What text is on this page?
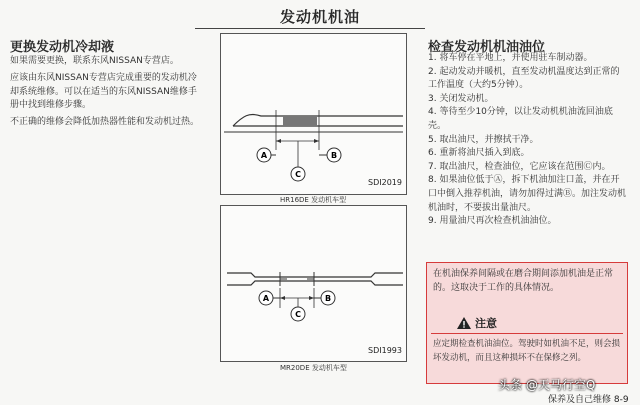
发动机机油
更换发动机冷却液
如果需要更换，联系东风NISSAN专营店。
应该由东风NISSAN专营店完成重要的发动机冷却系统维修。可以在适当的东风NISSAN维修手册中找到维修步骤。
不正确的维修会降低加热器性能和发动机过热。
A	B
C
SDI2019
HR16DE 发动机车型
A	B
C
SDI1993
MR20DE 发动机车型
检查发动机机油油位
1. 将车停在平地上，并使用驻车制动器。
2. 起动发动并暖机，直至发动机温度达到正常的工作温度（大约5分钟）。
3. 关闭发动机。
4. 等待至少10分钟，以让发动机机油流回油底壳。
5. 取出油尺，并擦拭干净。
6. 重新将油尺插入到底。
7. 取出油尺，检查油位，它应该在范围Ⓒ内。
8. 如果油位低于Ⓐ，拆下机油加注口盖，并在开口中倒入推荐机油，请勿加得过满Ⓑ。加注发动机机油时，不要拔出量油尺。
9. 用量油尺再次检查机油油位。
在机油保养间隔或在磨合期间添加机油是正常的。这取决于工作的具体情况。
注意
应定期检查机油油位。驾驶时如机油不足，则会损坏发动机，而且这种损坏不在保修之列。
保养及自己维修 8-9
头条 @天马行空Q
